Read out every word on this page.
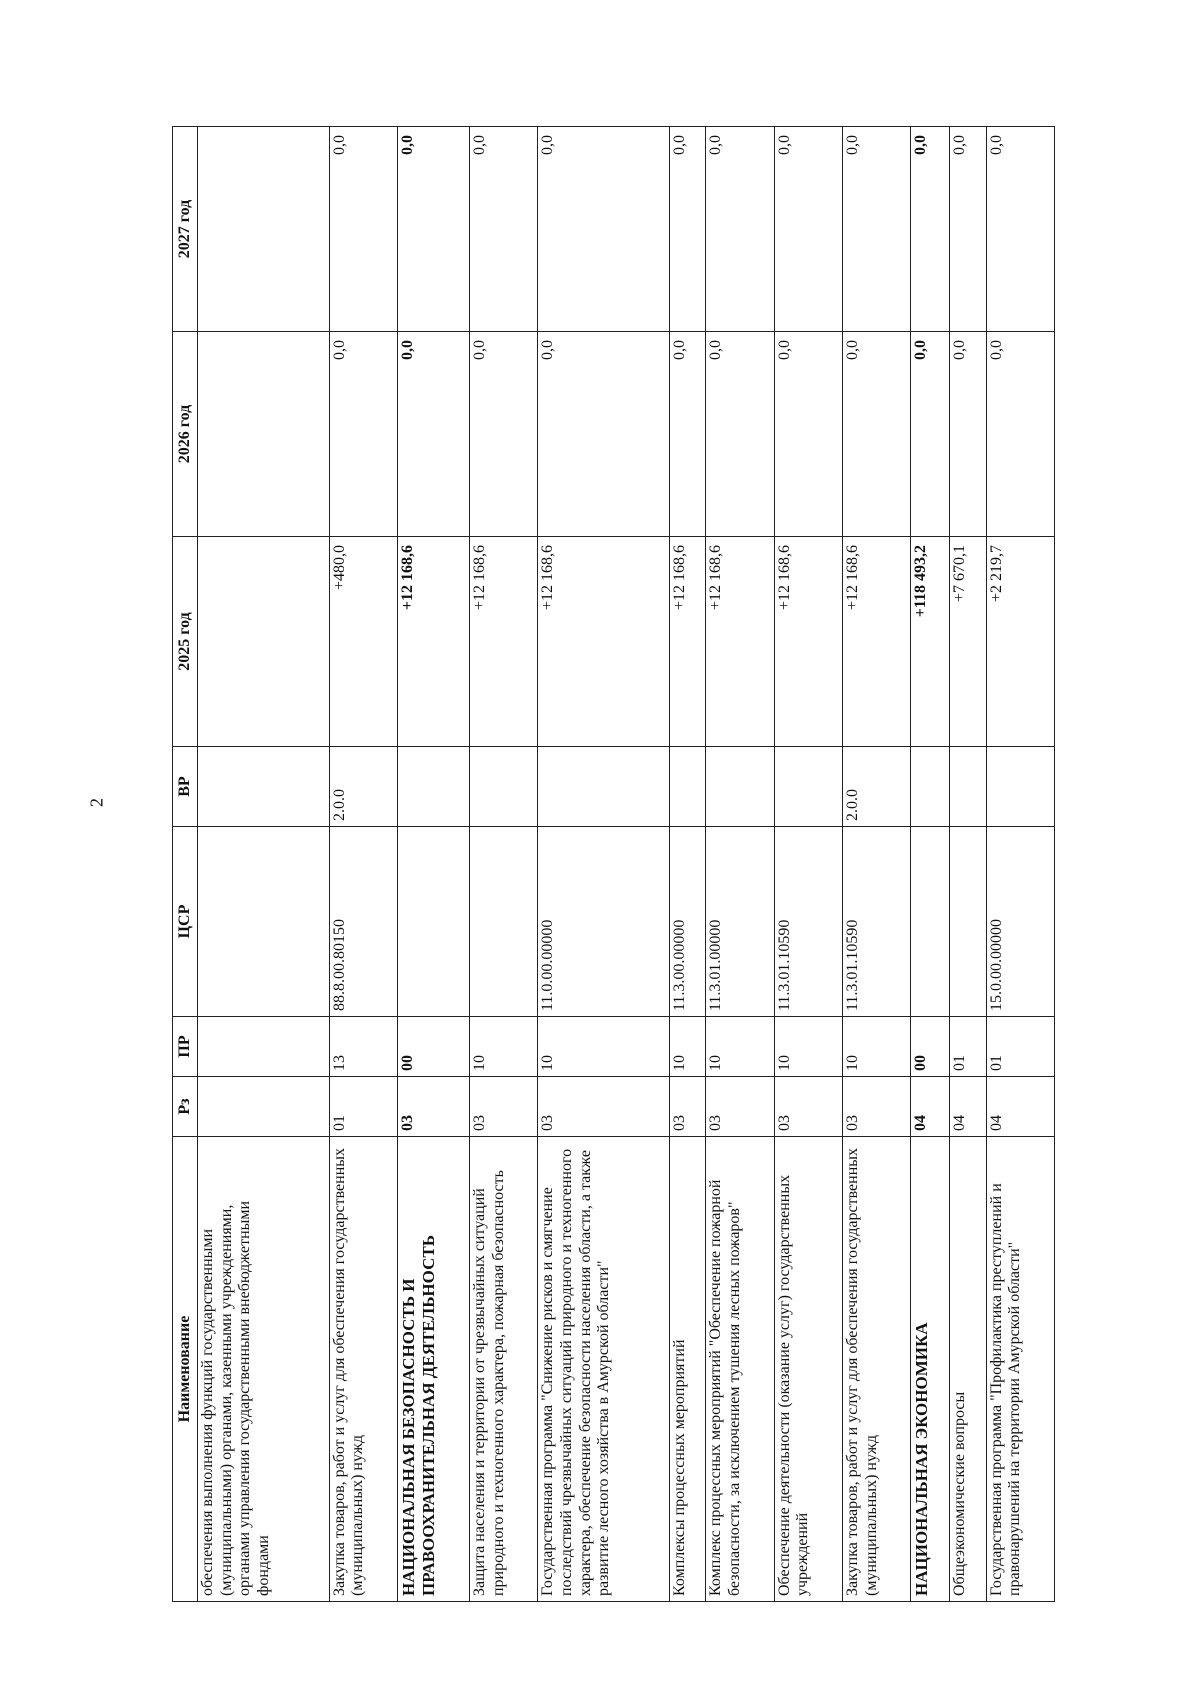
2
Наименование	Рз	ПР	ЦСР	ВР	2025 год	2026 год	2027 год
обеспечения выполнения функций государственными (муниципальными) органами, казенными учреждениями, органами управления государственными внебюджетными фондами							
Закупка товаров, работ и услуг для обеспечения государственных (муниципальных) нужд	01	13	88.8.00.80150	2.0.0	+480,0	0,0	0,0
НАЦИОНАЛЬНАЯ БЕЗОПАСНОСТЬ И ПРАВООХРАНИТЕЛЬНАЯ ДЕЯТЕЛЬНОСТЬ	03	00			+12 168,6	0,0	0,0
Защита населения и территории от чрезвычайных ситуаций природного и техногенного характера, пожарная безопасность	03	10			+12 168,6	0,0	0,0
Государственная программа "Снижение рисков и смягчение последствий чрезвычайных ситуаций природного и техногенного характера, обеспечение безопасности населения области, а также развитие лесного хозяйства в Амурской области"	03	10	11.0.00.00000		+12 168,6	0,0	0,0
Комплексы процессных мероприятий	03	10	11.3.00.00000		+12 168,6	0,0	0,0
Комплекс процессных мероприятий "Обеспечение пожарной безопасности, за исключением тушения лесных пожаров"	03	10	11.3.01.00000		+12 168,6	0,0	0,0
Обеспечение деятельности (оказание услуг) государственных учреждений	03	10	11.3.01.10590		+12 168,6	0,0	0,0
Закупка товаров, работ и услуг для обеспечения государственных (муниципальных) нужд	03	10	11.3.01.10590	2.0.0	+12 168,6	0,0	0,0
НАЦИОНАЛЬНАЯ ЭКОНОМИКА	04	00			+118 493,2	0,0	0,0
Общеэкономические вопросы	04	01			+7 670,1	0,0	0,0
Государственная программа "Профилактика преступлений и правонарушений на территории Амурской области"	04	01	15.0.00.00000		+2 219,7	0,0	0,0
